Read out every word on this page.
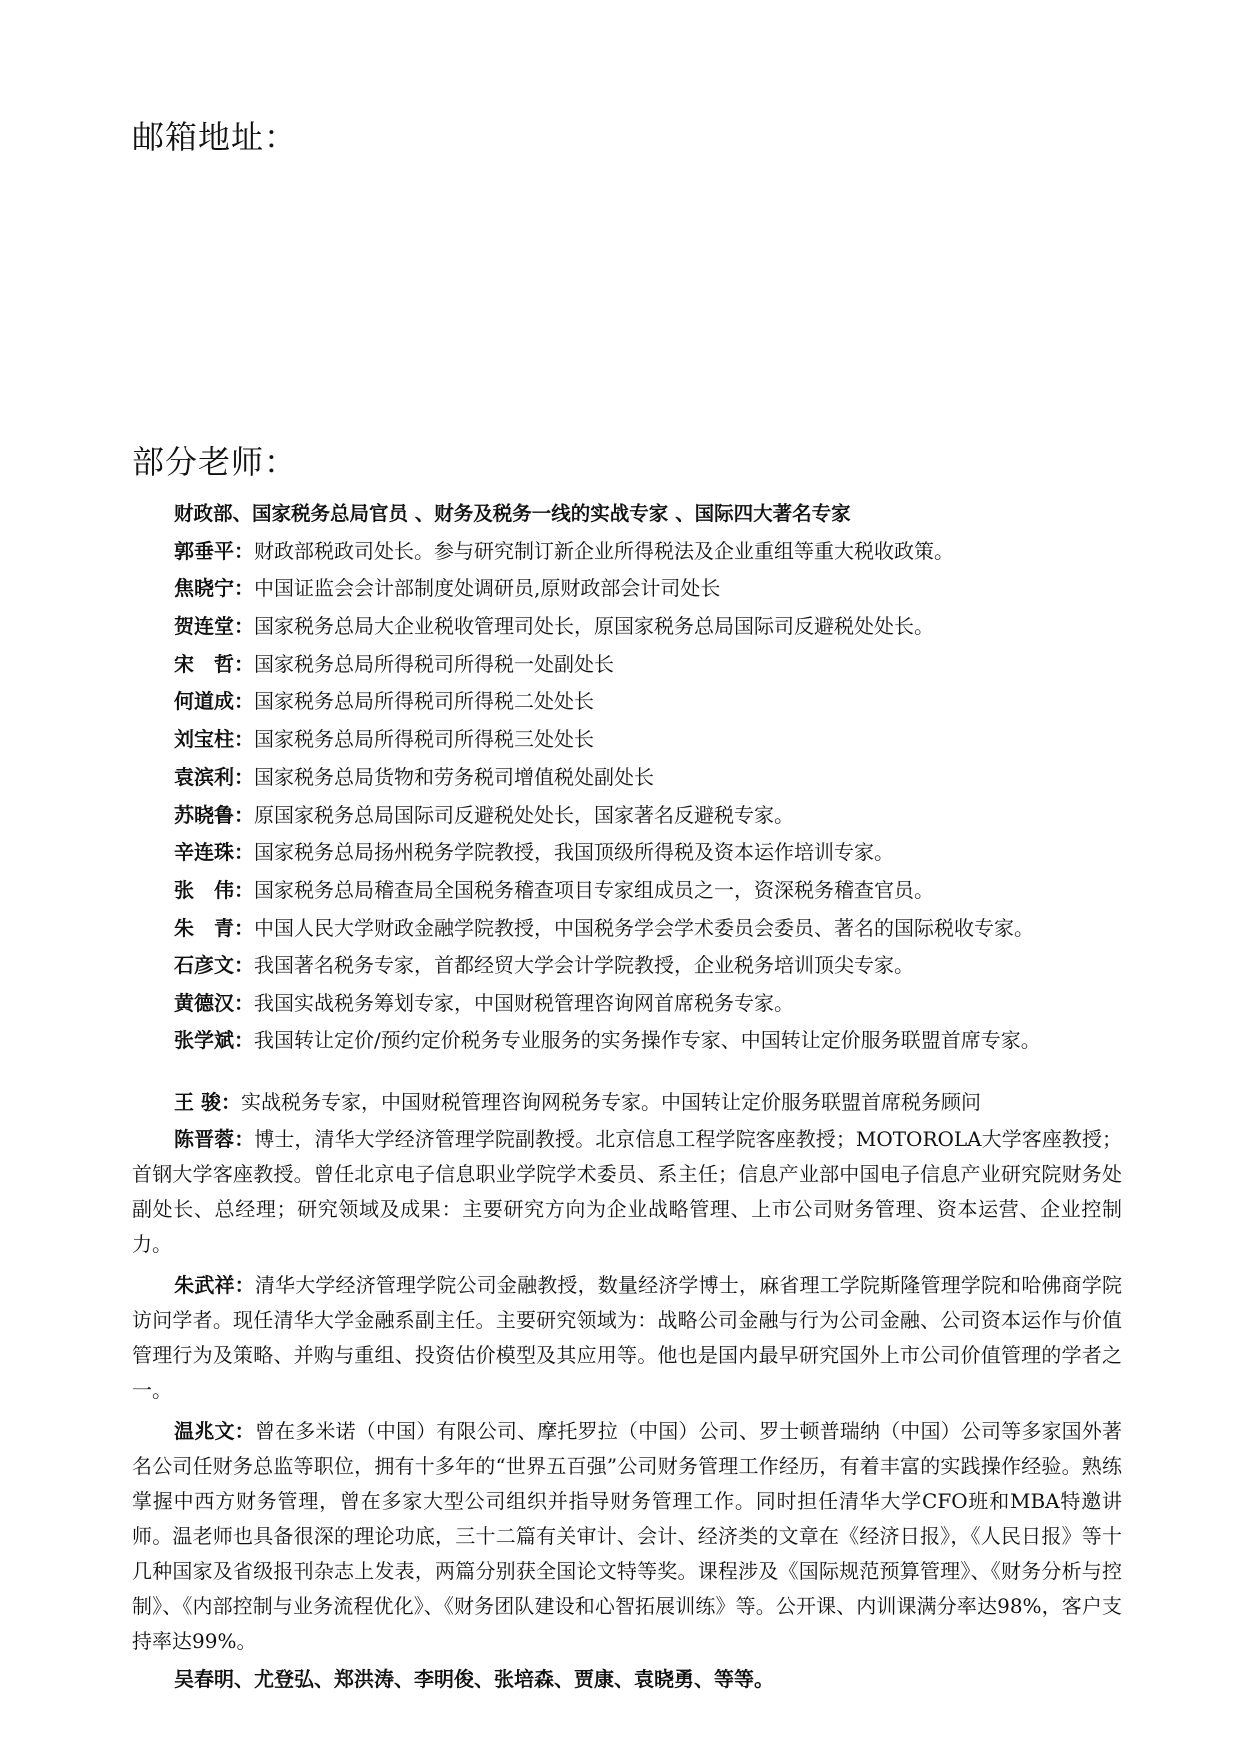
邮箱地址：
部分老师：
财政部、国家税务总局官员 、财务及税务一线的实战专家 、国际四大著名专家
郭垂平：财政部税政司处长。参与研究制订新企业所得税法及企业重组等重大税收政策。
焦晓宁：中国证监会会计部制度处调研员,原财政部会计司处长
贺连堂：国家税务总局大企业税收管理司处长，原国家税务总局国际司反避税处处长。
宋　哲：国家税务总局所得税司所得税一处副处长
何道成：国家税务总局所得税司所得税二处处长
刘宝柱：国家税务总局所得税司所得税三处处长
袁滨利：国家税务总局货物和劳务税司增值税处副处长
苏晓鲁：原国家税务总局国际司反避税处处长，国家著名反避税专家。
辛连珠：国家税务总局扬州税务学院教授，我国顶级所得税及资本运作培训专家。
张　伟：国家税务总局稽查局全国税务稽查项目专家组成员之一，资深税务稽查官员。
朱　青：中国人民大学财政金融学院教授，中国税务学会学术委员会委员、著名的国际税收专家。
石彦文：我国著名税务专家，首都经贸大学会计学院教授，企业税务培训顶尖专家。
黄德汉：我国实战税务筹划专家，中国财税管理咨询网首席税务专家。
张学斌：我国转让定价/预约定价税务专业服务的实务操作专家、中国转让定价服务联盟首席专家。
王 骏：实战税务专家，中国财税管理咨询网税务专家。中国转让定价服务联盟首席税务顾问
陈晋蓉：博士，清华大学经济管理学院副教授。北京信息工程学院客座教授；MOTOROLA大学客座教授；首钢大学客座教授。曾任北京电子信息职业学院学术委员、系主任；信息产业部中国电子信息产业研究院财务处副处长、总经理；研究领域及成果：主要研究方向为企业战略管理、上市公司财务管理、资本运营、企业控制力。
朱武祥：清华大学经济管理学院公司金融教授，数量经济学博士，麻省理工学院斯隆管理学院和哈佛商学院访问学者。现任清华大学金融系副主任。主要研究领域为：战略公司金融与行为公司金融、公司资本运作与价值管理行为及策略、并购与重组、投资估价模型及其应用等。他也是国内最早研究国外上市公司价值管理的学者之一。
温兆文：曾在多米诺（中国）有限公司、摩托罗拉（中国）公司、罗士顿普瑞纳（中国）公司等多家国外著名公司任财务总监等职位，拥有十多年的“世界五百强”公司财务管理工作经历，有着丰富的实践操作经验。熟练掌握中西方财务管理，曾在多家大型公司组织并指导财务管理工作。同时担任清华大学CFO班和MBA特邀讲师。温老师也具备很深的理论功底，三十二篇有关审计、会计、经济类的文章在《经济日报》，《人民日报》等十几种国家及省级报刊杂志上发表，两篇分别获全国论文特等奖。课程涉及《国际规范预算管理》、《财务分析与控制》、《内部控制与业务流程优化》、《财务团队建设和心智拓展训练》等。公开课、内训课满分率达98%，客户支持率达99%。
吴春明、尤登弘、郑洪涛、李明俊、张培森、贾康、袁晓勇、等等。
